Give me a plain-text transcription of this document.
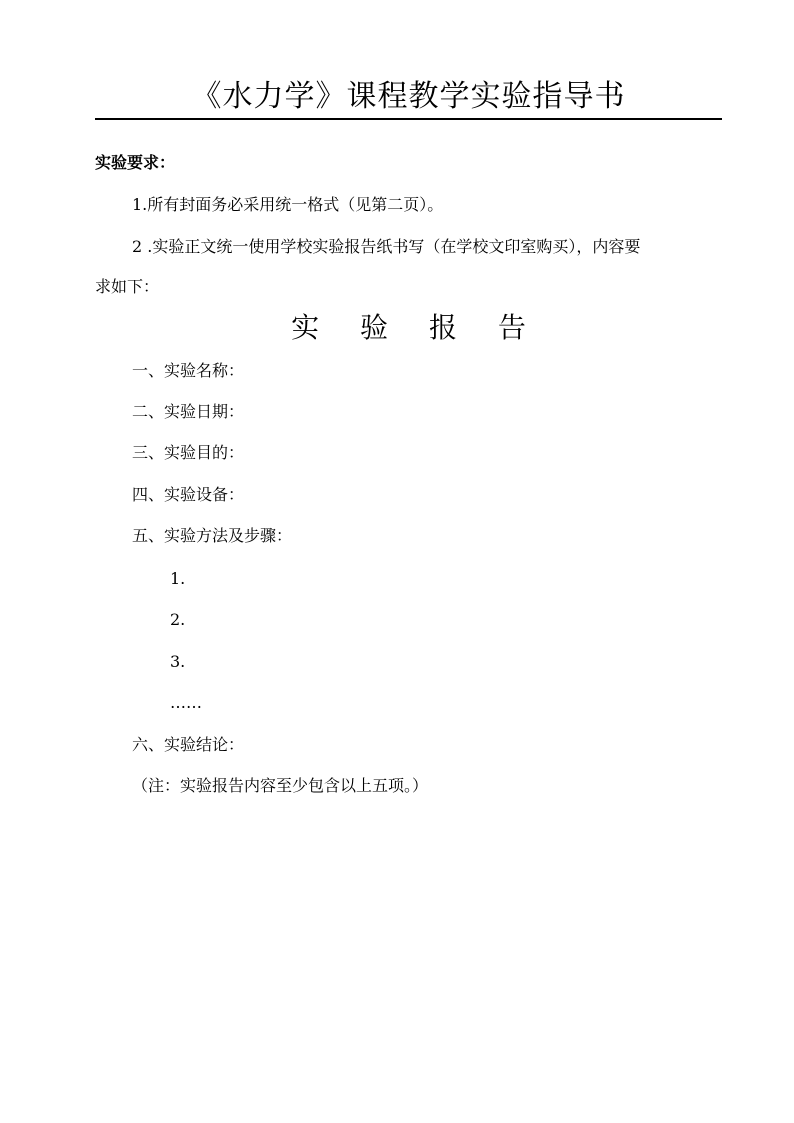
《水力学》课程教学实验指导书
实验要求：
1.所有封面务必采用统一格式（见第二页）。
2 .实验正文统一使用学校实验报告纸书写（在学校文印室购买），内容要
求如下：
实 验 报 告
一、实验名称：
二、实验日期：
三、实验目的：
四、实验设备：
五、实验方法及步骤：
1.
2.
3.
……
六、实验结论：
（注：实验报告内容至少包含以上五项。）
